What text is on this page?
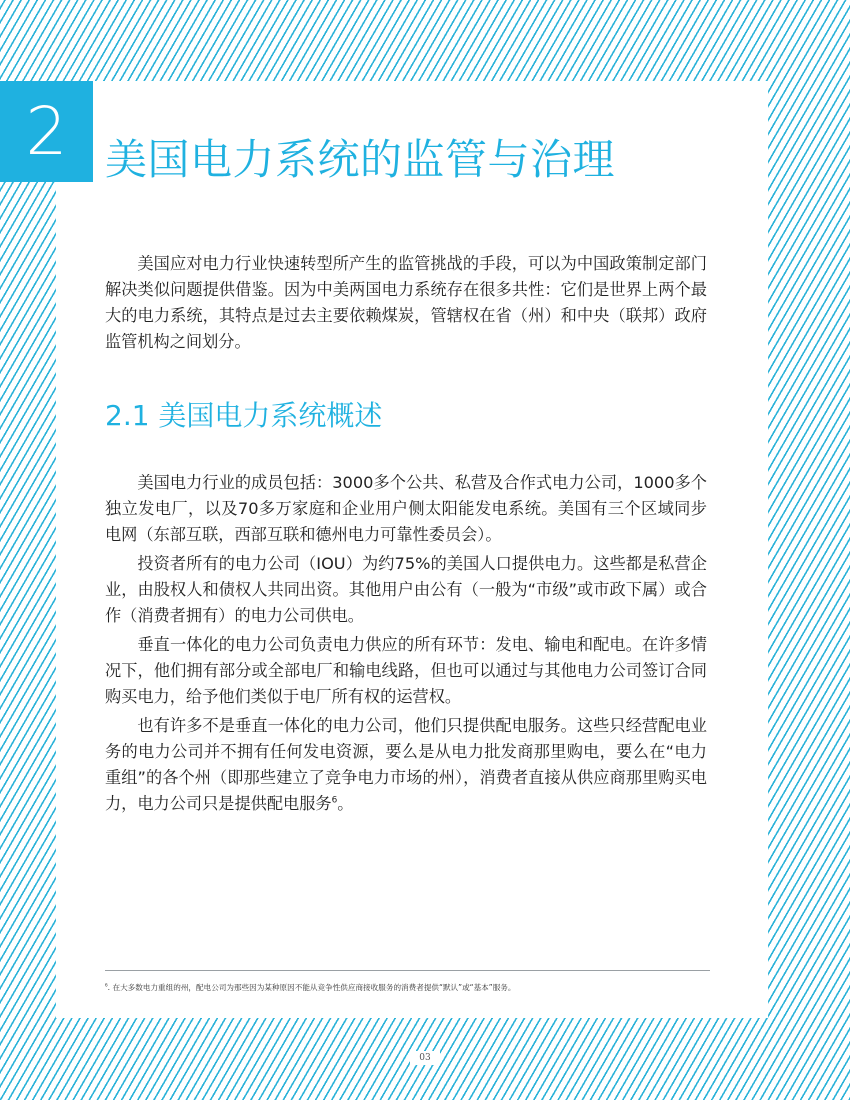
2 美国电力系统的监管与治理

美国应对电力行业快速转型所产生的监管挑战的手段，可以为中国政策制定部门解决类似问题提供借鉴。因为中美两国电力系统存在很多共性：它们是世界上两个最大的电力系统，其特点是过去主要依赖煤炭，管辖权在省（州）和中央（联邦）政府监管机构之间划分。

2.1 美国电力系统概述

美国电力行业的成员包括：3000多个公共、私营及合作式电力公司，1000多个独立发电厂，以及70多万家庭和企业用户侧太阳能发电系统。美国有三个区域同步电网（东部互联，西部互联和德州电力可靠性委员会）。

投资者所有的电力公司（IOU）为约75%的美国人口提供电力。这些都是私营企业，由股权人和债权人共同出资。其他用户由公有（一般为“市级”或市政下属）或合作（消费者拥有）的电力公司供电。

垂直一体化的电力公司负责电力供应的所有环节：发电、输电和配电。在许多情况下，他们拥有部分或全部电厂和输电线路，但也可以通过与其他电力公司签订合同购买电力，给予他们类似于电厂所有权的运营权。

也有许多不是垂直一体化的电力公司，他们只提供配电服务。这些只经营配电业务的电力公司并不拥有任何发电资源，要么是从电力批发商那里购电，要么在“电力重组”的各个州（即那些建立了竞争电力市场的州），消费者直接从供应商那里购买电力，电力公司只是提供配电服务$^6$。

$^6$. 在大多数电力重组的州，配电公司为那些因为某种原因不能从竞争性供应商接收服务的消费者提供“默认”或“基本”服务。
03
